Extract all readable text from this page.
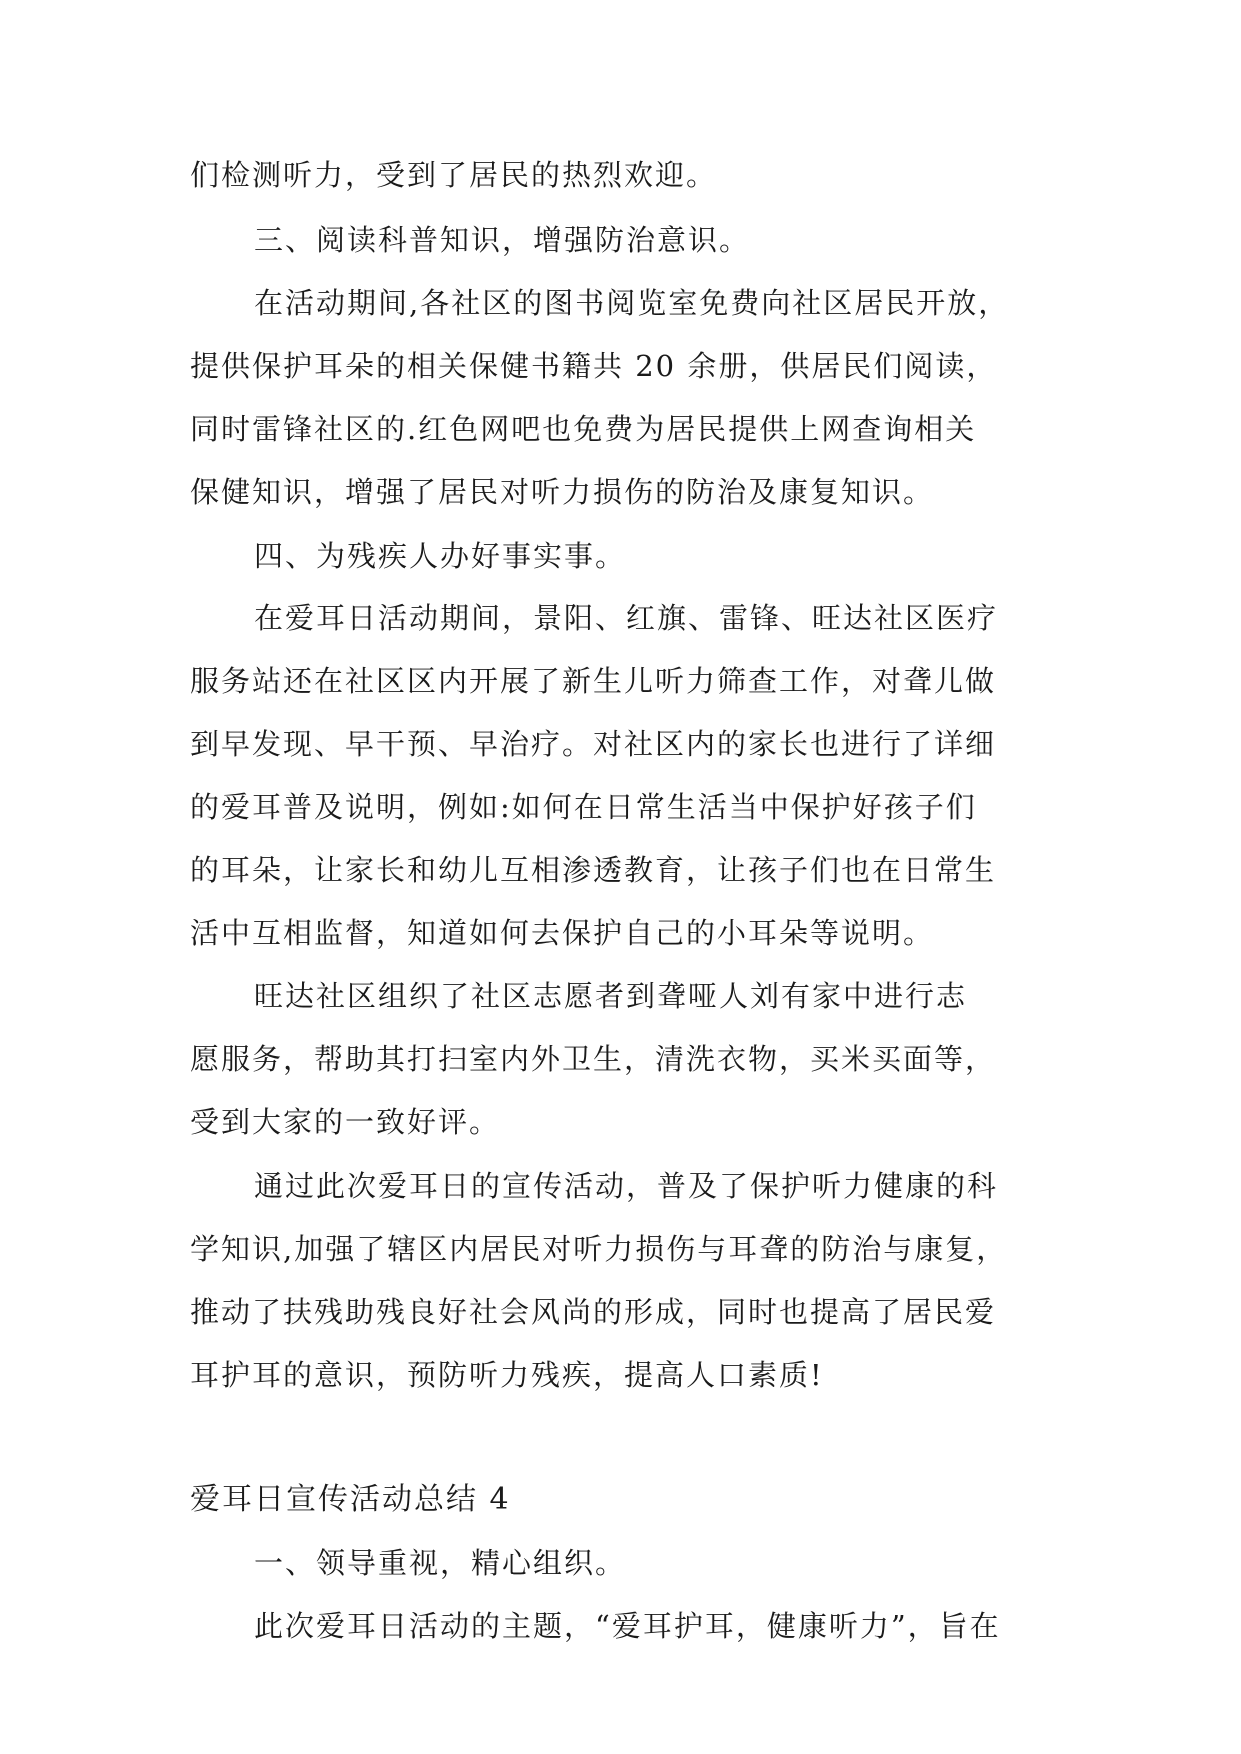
们检测听力，受到了居民的热烈欢迎。
三、阅读科普知识，增强防治意识。
在活动期间,各社区的图书阅览室免费向社区居民开放，
提供保护耳朵的相关保健书籍共 20 余册，供居民们阅读，
同时雷锋社区的.红色网吧也免费为居民提供上网查询相关
保健知识，增强了居民对听力损伤的防治及康复知识。
四、为残疾人办好事实事。
在爱耳日活动期间，景阳、红旗、雷锋、旺达社区医疗
服务站还在社区区内开展了新生儿听力筛查工作，对聋儿做
到早发现、早干预、早治疗。对社区内的家长也进行了详细
的爱耳普及说明，例如:如何在日常生活当中保护好孩子们
的耳朵，让家长和幼儿互相渗透教育，让孩子们也在日常生
活中互相监督，知道如何去保护自己的小耳朵等说明。
旺达社区组织了社区志愿者到聋哑人刘有家中进行志
愿服务，帮助其打扫室内外卫生，清洗衣物，买米买面等，
受到大家的一致好评。
通过此次爱耳日的宣传活动，普及了保护听力健康的科
学知识,加强了辖区内居民对听力损伤与耳聋的防治与康复，
推动了扶残助残良好社会风尚的形成，同时也提高了居民爱
耳护耳的意识，预防听力残疾，提高人口素质!
爱耳日宣传活动总结 4
一、领导重视，精心组织。
此次爱耳日活动的主题，“爱耳护耳，健康听力”，旨在
